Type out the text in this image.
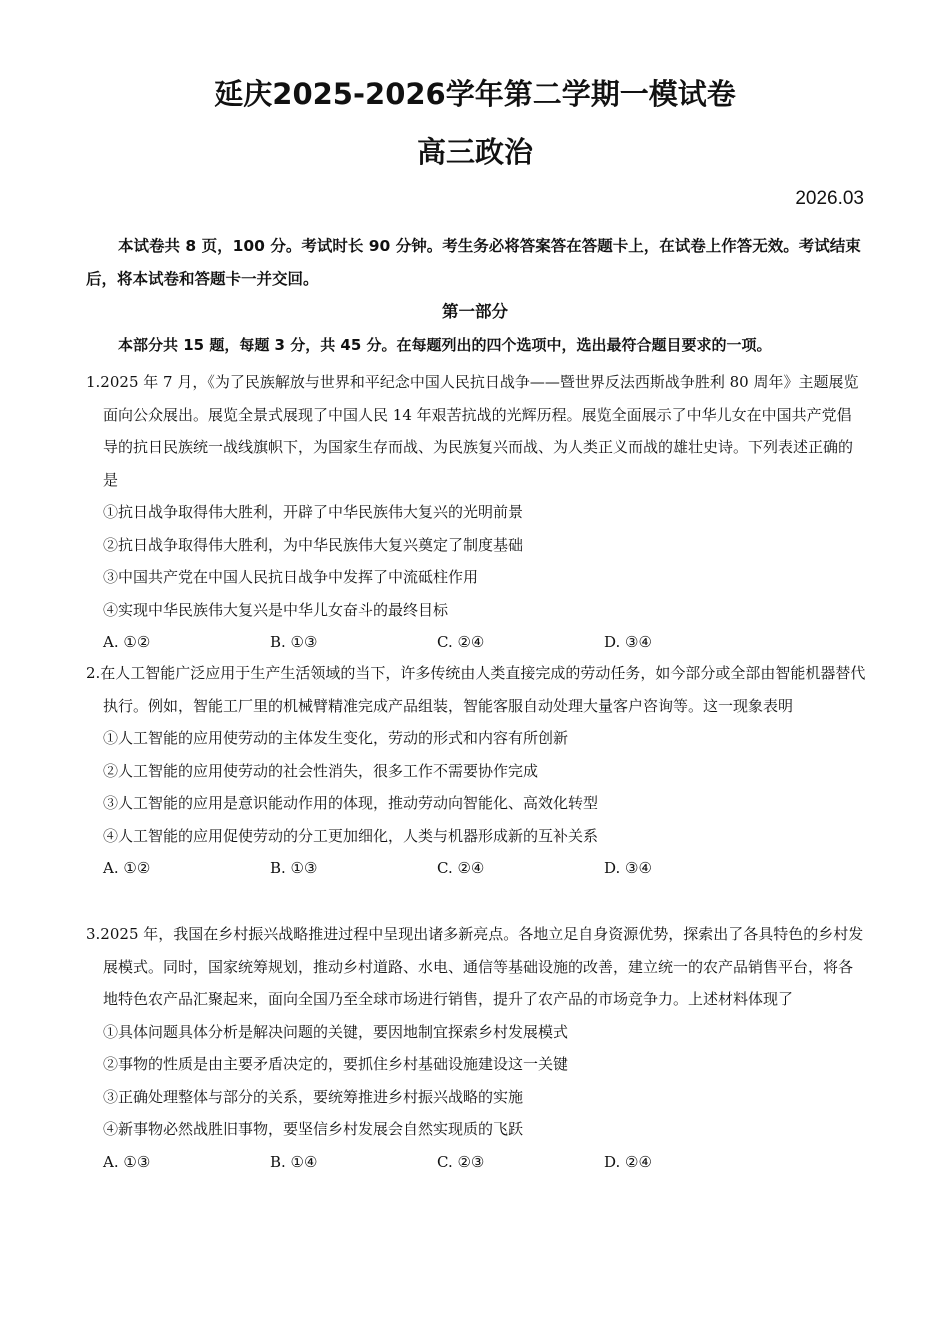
延庆2025-2026学年第二学期一模试卷
高三政治
2026.03
本试卷共 8 页，100 分。考试时长 90 分钟。考生务必将答案答在答题卡上，在试卷上作答无效。考试结束后，将本试卷和答题卡一并交回。
第一部分
本部分共 15 题，每题 3 分，共 45 分。在每题列出的四个选项中，选出最符合题目要求的一项。
1.2025 年 7 月，《为了民族解放与世界和平纪念中国人民抗日战争——暨世界反法西斯战争胜利 80 周年》主题展览面向公众展出。展览全景式展现了中国人民 14 年艰苦抗战的光辉历程。展览全面展示了中华儿女在中国共产党倡导的抗日民族统一战线旗帜下，为国家生存而战、为民族复兴而战、为人类正义而战的雄壮史诗。下列表述正确的是
①抗日战争取得伟大胜利，开辟了中华民族伟大复兴的光明前景
②抗日战争取得伟大胜利，为中华民族伟大复兴奠定了制度基础
③中国共产党在中国人民抗日战争中发挥了中流砥柱作用
④实现中华民族伟大复兴是中华儿女奋斗的最终目标
A. ①②	B. ①③	C. ②④	D. ③④
2.在人工智能广泛应用于生产生活领域的当下，许多传统由人类直接完成的劳动任务，如今部分或全部由智能机器替代执行。例如，智能工厂里的机械臂精准完成产品组装，智能客服自动处理大量客户咨询等。这一现象表明
①人工智能的应用使劳动的主体发生变化，劳动的形式和内容有所创新
②人工智能的应用使劳动的社会性消失，很多工作不需要协作完成
③人工智能的应用是意识能动作用的体现，推动劳动向智能化、高效化转型
④人工智能的应用促使劳动的分工更加细化，人类与机器形成新的互补关系
A. ①②	B. ①③	C. ②④	D. ③④
3.2025 年，我国在乡村振兴战略推进过程中呈现出诸多新亮点。各地立足自身资源优势，探索出了各具特色的乡村发展模式。同时，国家统筹规划，推动乡村道路、水电、通信等基础设施的改善，建立统一的农产品销售平台，将各地特色农产品汇聚起来，面向全国乃至全球市场进行销售，提升了农产品的市场竞争力。上述材料体现了
①具体问题具体分析是解决问题的关键，要因地制宜探索乡村发展模式
②事物的性质是由主要矛盾决定的，要抓住乡村基础设施建设这一关键
③正确处理整体与部分的关系，要统筹推进乡村振兴战略的实施
④新事物必然战胜旧事物，要坚信乡村发展会自然实现质的飞跃
A. ①③	B. ①④	C. ②③	D. ②④
